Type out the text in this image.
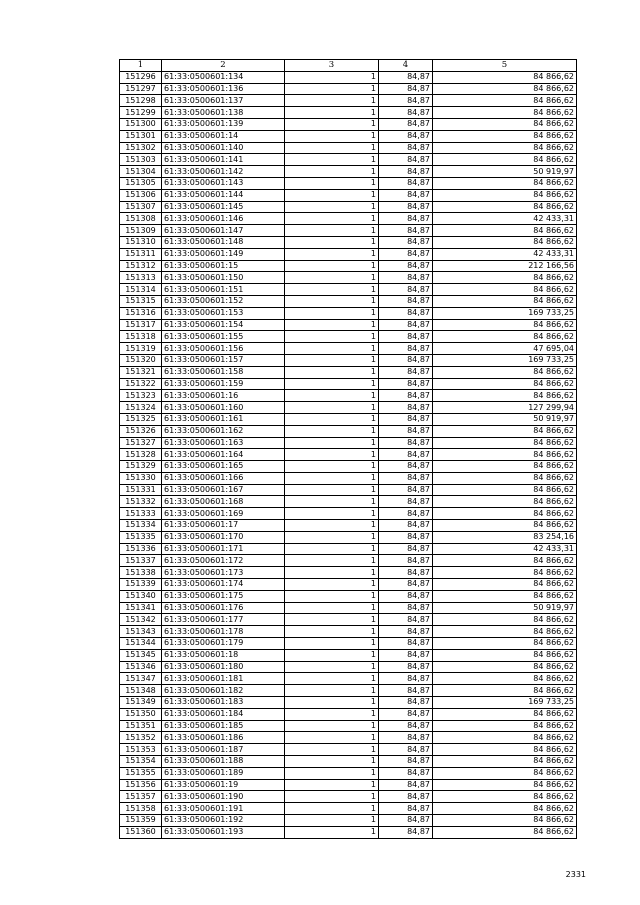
1	2	3	4	5
151296	61:33:0500601:134	1	84,87	84 866,62
151297	61:33:0500601:136	1	84,87	84 866,62
151298	61:33:0500601:137	1	84,87	84 866,62
151299	61:33:0500601:138	1	84,87	84 866,62
151300	61:33:0500601:139	1	84,87	84 866,62
151301	61:33:0500601:14	1	84,87	84 866,62
151302	61:33:0500601:140	1	84,87	84 866,62
151303	61:33:0500601:141	1	84,87	84 866,62
151304	61:33:0500601:142	1	84,87	50 919,97
151305	61:33:0500601:143	1	84,87	84 866,62
151306	61:33:0500601:144	1	84,87	84 866,62
151307	61:33:0500601:145	1	84,87	84 866,62
151308	61:33:0500601:146	1	84,87	42 433,31
151309	61:33:0500601:147	1	84,87	84 866,62
151310	61:33:0500601:148	1	84,87	84 866,62
151311	61:33:0500601:149	1	84,87	42 433,31
151312	61:33:0500601:15	1	84,87	212 166,56
151313	61:33:0500601:150	1	84,87	84 866,62
151314	61:33:0500601:151	1	84,87	84 866,62
151315	61:33:0500601:152	1	84,87	84 866,62
151316	61:33:0500601:153	1	84,87	169 733,25
151317	61:33:0500601:154	1	84,87	84 866,62
151318	61:33:0500601:155	1	84,87	84 866,62
151319	61:33:0500601:156	1	84,87	47 695,04
151320	61:33:0500601:157	1	84,87	169 733,25
151321	61:33:0500601:158	1	84,87	84 866,62
151322	61:33:0500601:159	1	84,87	84 866,62
151323	61:33:0500601:16	1	84,87	84 866,62
151324	61:33:0500601:160	1	84,87	127 299,94
151325	61:33:0500601:161	1	84,87	50 919,97
151326	61:33:0500601:162	1	84,87	84 866,62
151327	61:33:0500601:163	1	84,87	84 866,62
151328	61:33:0500601:164	1	84,87	84 866,62
151329	61:33:0500601:165	1	84,87	84 866,62
151330	61:33:0500601:166	1	84,87	84 866,62
151331	61:33:0500601:167	1	84,87	84 866,62
151332	61:33:0500601:168	1	84,87	84 866,62
151333	61:33:0500601:169	1	84,87	84 866,62
151334	61:33:0500601:17	1	84,87	84 866,62
151335	61:33:0500601:170	1	84,87	83 254,16
151336	61:33:0500601:171	1	84,87	42 433,31
151337	61:33:0500601:172	1	84,87	84 866,62
151338	61:33:0500601:173	1	84,87	84 866,62
151339	61:33:0500601:174	1	84,87	84 866,62
151340	61:33:0500601:175	1	84,87	84 866,62
151341	61:33:0500601:176	1	84,87	50 919,97
151342	61:33:0500601:177	1	84,87	84 866,62
151343	61:33:0500601:178	1	84,87	84 866,62
151344	61:33:0500601:179	1	84,87	84 866,62
151345	61:33:0500601:18	1	84,87	84 866,62
151346	61:33:0500601:180	1	84,87	84 866,62
151347	61:33:0500601:181	1	84,87	84 866,62
151348	61:33:0500601:182	1	84,87	84 866,62
151349	61:33:0500601:183	1	84,87	169 733,25
151350	61:33:0500601:184	1	84,87	84 866,62
151351	61:33:0500601:185	1	84,87	84 866,62
151352	61:33:0500601:186	1	84,87	84 866,62
151353	61:33:0500601:187	1	84,87	84 866,62
151354	61:33:0500601:188	1	84,87	84 866,62
151355	61:33:0500601:189	1	84,87	84 866,62
151356	61:33:0500601:19	1	84,87	84 866,62
151357	61:33:0500601:190	1	84,87	84 866,62
151358	61:33:0500601:191	1	84,87	84 866,62
151359	61:33:0500601:192	1	84,87	84 866,62
151360	61:33:0500601:193	1	84,87	84 866,62
2331
